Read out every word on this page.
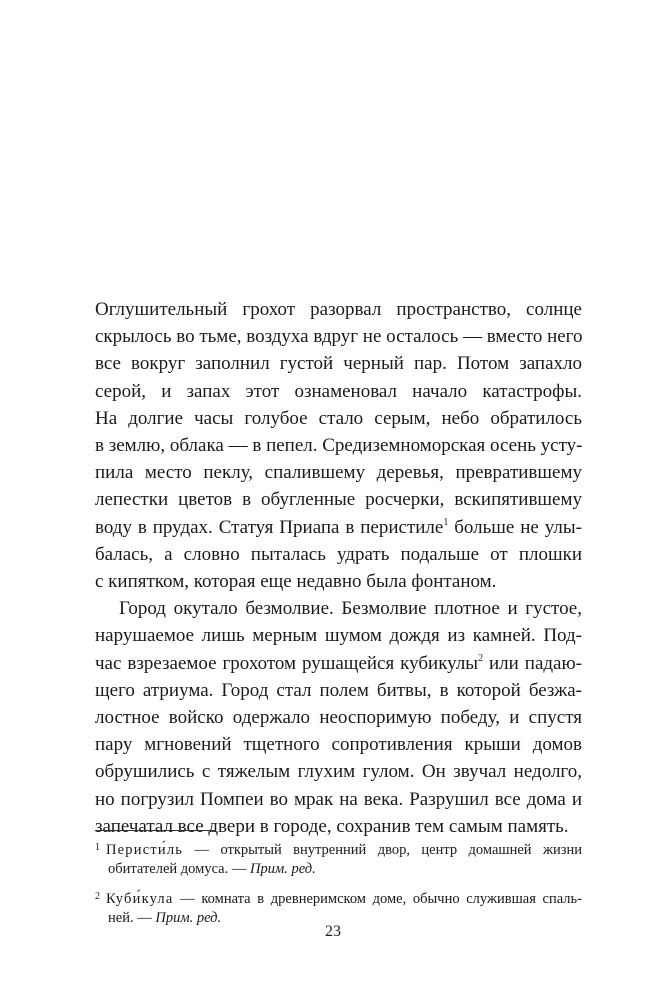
Оглушительный грохот разорвал пространство, солнце
скрылось во тьме, воздуха вдруг не осталось — вместо него
все вокруг заполнил густой черный пар. Потом запахло
серой, и запах этот ознаменовал начало катастрофы.
На долгие часы голубое стало серым, небо обратилось
в землю, облака — в пепел. Средиземноморская осень усту-
пила место пеклу, спалившему деревья, превратившему
лепестки цветов в обугленные росчерки, вскипятившему
воду в прудах. Статуя Приапа в перистиле$^1$ больше не улы-
балась, а словно пыталась удрать подальше от плошки
с кипятком, которая еще недавно была фонтаном.
Город окутало безмолвие. Безмолвие плотное и густое,
нарушаемое лишь мерным шумом дождя из камней. Под-
час взрезаемое грохотом рушащейся кубикулы$^2$ или падаю-
щего атриума. Город стал полем битвы, в которой безжа-
лостное войско одержало неоспоримую победу, и спустя
пару мгновений тщетного сопротивления крыши домов
обрушились с тяжелым глухим гулом. Он звучал недолго,
но погрузил Помпеи во мрак на века. Разрушил все дома и
запечатал все двери в городе, сохранив тем самым память.
$^1$ Перисти́ль — открытый внутренний двор, центр домашней жизни
обитателей домуса. — Прим. ред.
$^2$ Куби́кула — комната в древнеримском доме, обычно служившая спаль-
ней. — Прим. ред.
23
